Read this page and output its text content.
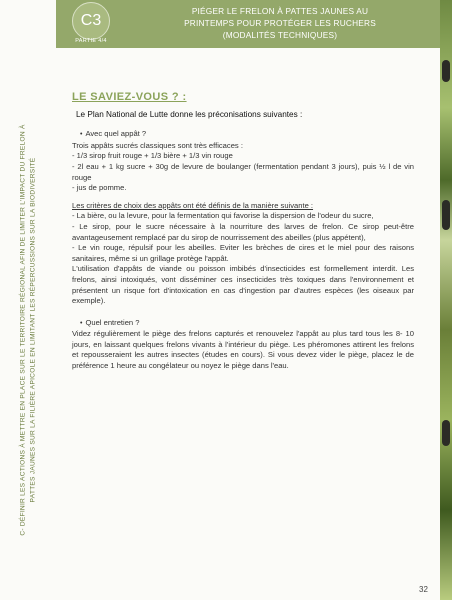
C3
PARTIE 4/4
PIÉGER LE FRELON À PATTES JAUNES AU
PRINTEMPS POUR PROTÉGER LES RUCHERS
(MODALITÉS TECHNIQUES)
C- DÉFINIR LES ACTIONS À METTRE EN PLACE SUR LE TERRITOIRE RÉGIONAL AFIN DE LIMITER L'IMPACT DU FRELON À PATTES JAUNES SUR LA FILIÈRE APICOLE EN LIMITANT LES RÉPERCUSSIONS SUR LA BIODIVERSITÉ
LE SAVIEZ-VOUS ? :
Le Plan National de Lutte donne les préconisations suivantes :
• Avec quel appât ?

Trois appâts sucrés classiques sont très efficaces :

- 1/3 sirop fruit rouge + 1/3 bière + 1/3 vin rouge

- 2l eau + 1 kg sucre + 30g de levure de boulanger (fermentation pendant 3 jours), puis ½ l de vin rouge

- jus de pomme.

Les critères de choix des appâts ont été définis de la manière suivante :

- La bière, ou la levure, pour la fermentation qui favorise la dispersion de l'odeur du sucre,

- Le sirop, pour le sucre nécessaire à la nourriture des larves de frelon. Ce sirop peut-être avantageusement remplacé par du sirop de nourrissement des abeilles (plus appétent),

- Le vin rouge, répulsif pour les abeilles. Eviter les brèches de cires et le miel pour des raisons sanitaires, même si un grillage protège l'appât.

L'utilisation d'appâts de viande ou poisson imbibés d'insecticides est formellement interdit. Les frelons, ainsi intoxiqués, vont disséminer ces insecticides très toxiques dans l'environnement et présentent un risque fort d'intoxication en cas d'ingestion par d'autres espèces (les oiseaux par exemple).

• Quel entretien ?

Videz régulièrement le piège des frelons capturés et renouvelez l'appât au plus tard tous les 8- 10 jours, en laissant quelques frelons vivants à l'intérieur du piège. Les phéromones attirent les frelons et repousseraient les autres insectes (études en cours). Si vous devez vider le piège, placez le de préférence 1 heure au congélateur ou noyez le piège dans l'eau.

32
